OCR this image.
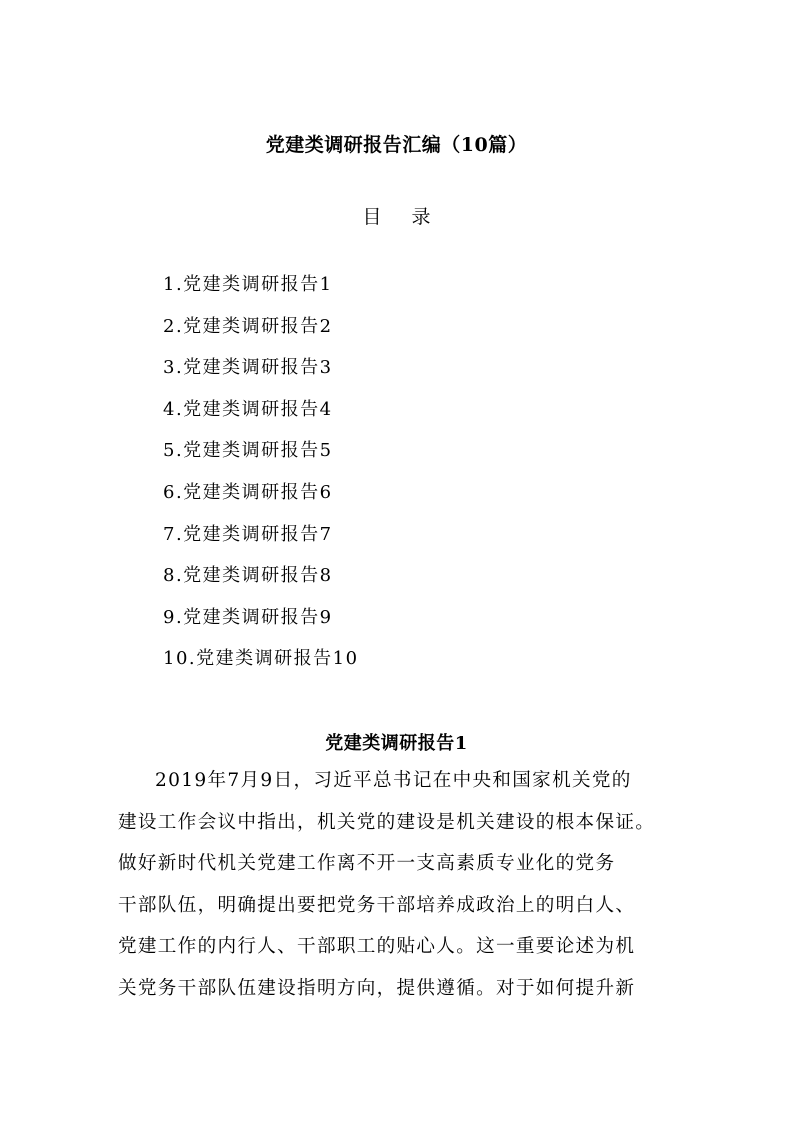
党建类调研报告汇编（10篇）
目 录
1.党建类调研报告1
2.党建类调研报告2
3.党建类调研报告3
4.党建类调研报告4
5.党建类调研报告5
6.党建类调研报告6
7.党建类调研报告7
8.党建类调研报告8
9.党建类调研报告9
10.党建类调研报告10
党建类调研报告1
2019年7月9日，习近平总书记在中央和国家机关党的
建设工作会议中指出，机关党的建设是机关建设的根本保证。
做好新时代机关党建工作离不开一支高素质专业化的党务
干部队伍，明确提出要把党务干部培养成政治上的明白人、
党建工作的内行人、干部职工的贴心人。这一重要论述为机
关党务干部队伍建设指明方向，提供遵循。对于如何提升新
